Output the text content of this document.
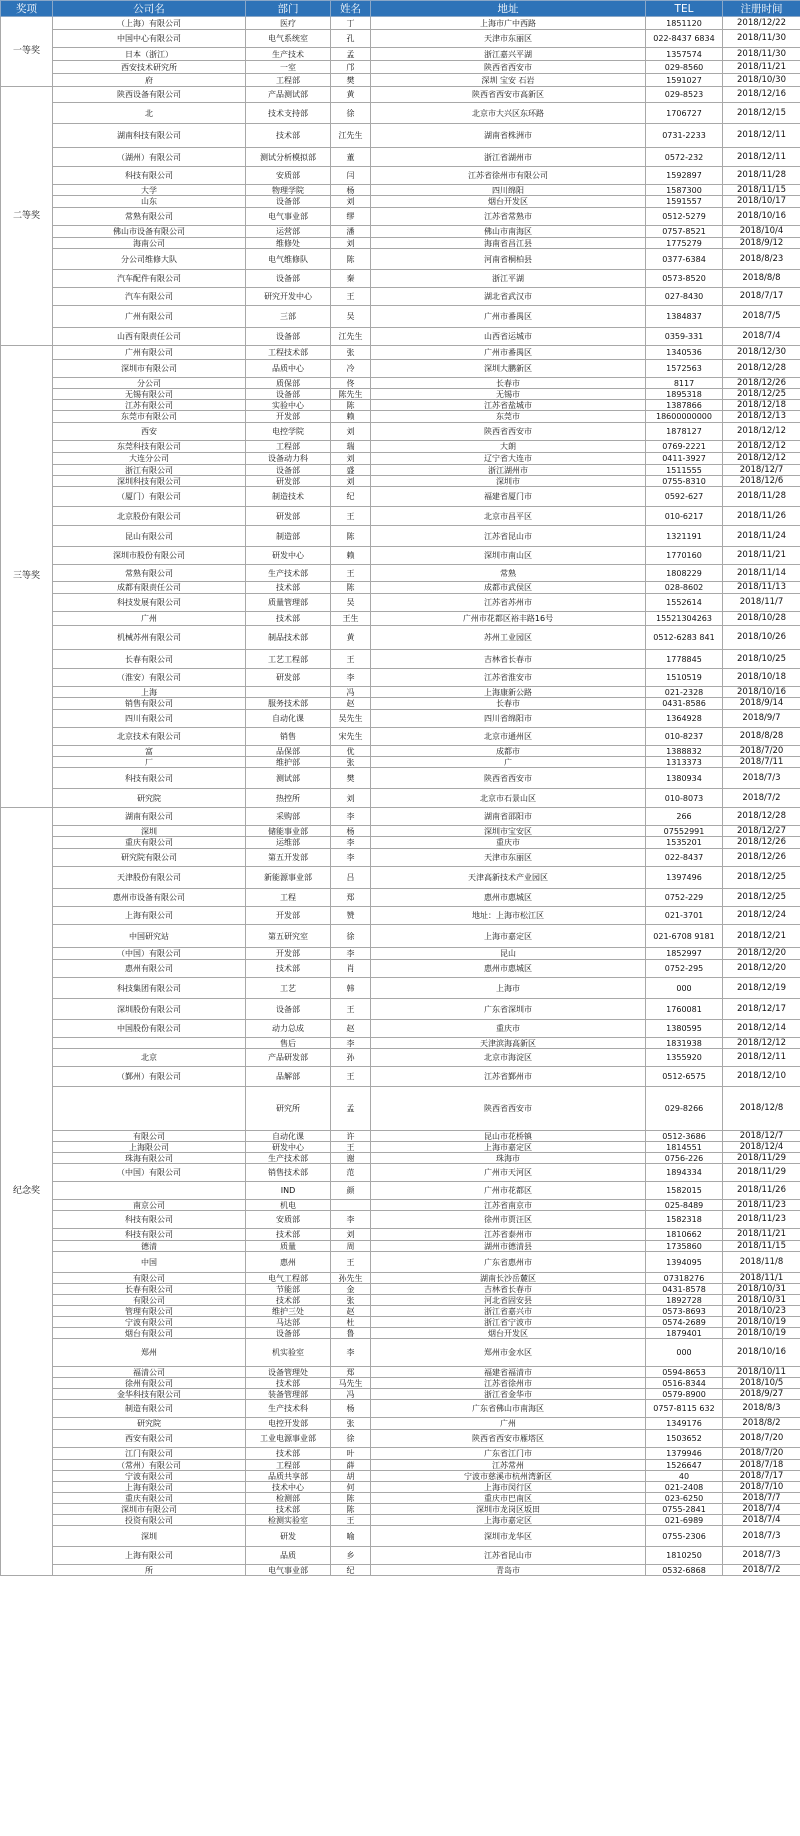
奖项	公司名	部门	姓名	地址	TEL	注册时间
一等奖	（上海）有限公司	医疗	丁	上海市广中西路	1851120	2018/12/22
	中国中心有限公司	电气系统室	孔	天津市东丽区	022-8437 6834	2018/11/30
	日本（浙江）	生产技术	孟	浙江嘉兴平湖	1357574	2018/11/30
	西安技术研究所	一室	邝	陕西省西安市	029-8560	2018/11/21
	府	工程部	樊	深圳 宝安 石岩	1591027	2018/10/30
二等奖	陕西设备有限公司	产品测试部	黄	陕西省西安市高新区	029-8523	2018/12/16
	北	技术支持部	徐	北京市大兴区东环路	1706727	2018/12/15
	湖南科技有限公司	技术部	江先生	湖南省株洲市	0731-2233	2018/12/11
	（湖州）有限公司	测试分析模拟部	董	浙江省湖州市	0572-232	2018/12/11
	科技有限公司	安质部	闫	江苏省徐州市有限公司	1592897	2018/11/28
	大学	物理学院	杨	四川绵阳	1587300	2018/11/15
	山东	设备部	刘	烟台开发区	1591557	2018/10/17
	常熟有限公司	电气事业部	缪	江苏省常熟市	0512-5279	2018/10/16
	佛山市设备有限公司	运营部	潘	佛山市南海区	0757-8521	2018/10/4
	海南公司	维修处	刘	海南省昌江县	1775279	2018/9/12
	分公司维修大队	电气维修队	陈	河南省桐柏县	0377-6384	2018/8/23
	汽车配件有限公司	设备部	秦	浙江平湖	0573-8520	2018/8/8
	汽车有限公司	研究开发中心	王	湖北省武汉市	027-8430	2018/7/17
	广州有限公司	三部	吴	广州市番禺区	1384837	2018/7/5
	山西有限责任公司	设备部	江先生	山西省运城市	0359-331	2018/7/4
三等奖	广州有限公司	工程技术部	张	广州市番禺区	1340536	2018/12/30
	深圳市有限公司	品质中心	冷	深圳大鹏新区	1572563	2018/12/28
	分公司	质保部	佟	长春市	8117	2018/12/26
	无锡有限公司	设备部	陈先生	无锡市	1895318	2018/12/25
	江苏有限公司	实验中心	陈	江苏省盐城市	1387866	2018/12/18
	东莞市有限公司	开发部	赖	东莞市	18600000000	2018/12/13
	西安	电控学院	刘	陕西省西安市	1878127	2018/12/12
	东莞科技有限公司	工程部	瑞	大朗	0769-2221	2018/12/12
	大连分公司	设备动力科	刘	辽宁省大连市	0411-3927	2018/12/12
	浙江有限公司	设备部	盛	浙江湖州市	1511555	2018/12/7
	深圳科技有限公司	研发部	刘	深圳市	0755-8310	2018/12/6
	（厦门）有限公司	制造技术	纪	福建省厦门市	0592-627	2018/11/28
	北京股份有限公司	研发部	王	北京市昌平区	010-6217	2018/11/26
	昆山有限公司	制造部	陈	江苏省昆山市	1321191	2018/11/24
	深圳市股份有限公司	研发中心	赖	深圳市南山区	1770160	2018/11/21
	常熟有限公司	生产技术部	王	常熟	1808229	2018/11/14
	成都有限责任公司	技术部	陈	成都市武侯区	028-8602	2018/11/13
	科技发展有限公司	质量管理部	吴	江苏省苏州市	1552614	2018/11/7
	广州	技术部	王生	广州市花都区裕丰路16号	15521304263	2018/10/28
	机械苏州有限公司	制品技术部	黄	苏州工业园区	0512-6283 841	2018/10/26
	长春有限公司	工艺工程部	王	吉林省长春市	1778845	2018/10/25
	（淮安）有限公司	研发部	李	江苏省淮安市	1510519	2018/10/18
	上海		冯	上海康新公路	021-2328	2018/10/16
	销售有限公司	服务技术部	赵	长春市	0431-8586	2018/9/14
	四川有限公司	自动化课	吴先生	四川省绵阳市	1364928	2018/9/7
	北京技术有限公司	销售	宋先生	北京市通州区	010-8237	2018/8/28
	富	品保部	优	成都市	1388832	2018/7/20
	厂	维护部	张	广	1313373	2018/7/11
	科技有限公司	测试部	樊	陕西省西安市	1380934	2018/7/3
	研究院	热控所	刘	北京市石景山区	010-8073	2018/7/2
纪念奖	湖南有限公司	采购部	李	湖南省邵阳市	266	2018/12/28
	深圳	储能事业部	杨	深圳市宝安区	07552991	2018/12/27
	重庆有限公司	运维部	李	重庆市	1535201	2018/12/26
	研究院有限公司	第五开发部	李	天津市东丽区	022-8437	2018/12/26
	天津股份有限公司	新能源事业部	吕	天津高新技术产业园区	1397496	2018/12/25
	惠州市设备有限公司	工程	郑	惠州市惠城区	0752-229	2018/12/25
	上海有限公司	开发部	赞	地址：上海市松江区	021-3701	2018/12/24
	中国研究站	第五研究室	徐	上海市嘉定区	021-6708 9181	2018/12/21
	（中国）有限公司	开发部	李	昆山	1852997	2018/12/20
	惠州有限公司	技术部	肖	惠州市惠城区	0752-295	2018/12/20
	科技集团有限公司	工艺	韩	上海市	000	2018/12/19
	深圳股份有限公司	设备部	王	广东省深圳市	1760081	2018/12/17
	中国股份有限公司	动力总成	赵	重庆市	1380595	2018/12/14
		售后	李	天津滨海高新区	1831938	2018/12/12
	北京	产品研发部	孙	北京市海淀区	1355920	2018/12/11
	（鄞州）有限公司	品解部	王	江苏省鄞州市	0512-6575	2018/12/10
		研究所	孟	陕西省西安市	029-8266	2018/12/8
	有限公司	自动化课	许	昆山市花桥镇	0512-3686	2018/12/7
	上海限公司	研发中心	王	上海市嘉定区	1814551	2018/12/4
	珠海有限公司	生产技术部	谢	珠海市	0756-226	2018/11/29
	（中国）有限公司	销售技术部	范	广州市天河区	1894334	2018/11/29
		IND	颜	广州市花都区	1582015	2018/11/26
	南京公司	机电		江苏省南京市	025-8489	2018/11/23
	科技有限公司	安质部	李	徐州市贾汪区	1582318	2018/11/23
	科技有限公司	技术部	刘	江苏省泰州市	1810662	2018/11/21
	德清	质量	周	湖州市德清县	1735860	2018/11/15
	中国	惠州	王	广东省惠州市	1394095	2018/11/8
	有限公司	电气工程部	孙先生	湖南长沙岳麓区	07318276	2018/11/1
	长春有限公司	节能部	金	吉林省长春市	0431-8578	2018/10/31
	有限公司	技术部	张	河北省固安县	1892728	2018/10/31
	管理有限公司	维护三处	赵	浙江省嘉兴市	0573-8693	2018/10/23
	宁波有限公司	马达部	杜	浙江省宁波市	0574-2689	2018/10/19
	烟台有限公司	设备部	鲁	烟台开发区	1879401	2018/10/19
	郑州	机实验室	李	郑州市金水区	000	2018/10/16
	福清公司	设备管理处	郑	福建省福清市	0594-8653	2018/10/11
	徐州有限公司	技术部	马先生	江苏省徐州市	0516-8344	2018/10/5
	金华科技有限公司	装备管理部	冯	浙江省金华市	0579-8900	2018/9/27
	制造有限公司	生产技术科	杨	广东省佛山市南海区	0757-8115 632	2018/8/3
	研究院	电控开发部	张	广州	1349176	2018/8/2
	西安有限公司	工业电源事业部	徐	陕西省西安市雁塔区	1503652	2018/7/20
	江门有限公司	技术部	叶	广东省江门市	1379946	2018/7/20
	（常州）有限公司	工程部	薛	江苏常州	1526647	2018/7/18
	宁波有限公司	品质共享部	胡	宁波市慈溪市杭州湾新区	40	2018/7/17
	上海有限公司	技术中心	何	上海市闵行区	021-2408	2018/7/10
	重庆有限公司	检测部	陈	重庆市巴南区	023-6250	2018/7/7
	深圳市有限公司	技术部	陈	深圳市龙岗区坂田	0755-2841	2018/7/4
	投资有限公司	检测实验室	王	上海市嘉定区	021-6989	2018/7/4
	深圳	研发	喻	深圳市龙华区	0755-2306	2018/7/3
	上海有限公司	品质	乡	江苏省昆山市	1810250	2018/7/3
	所	电气事业部	纪	青岛市	0532-6868	2018/7/2
